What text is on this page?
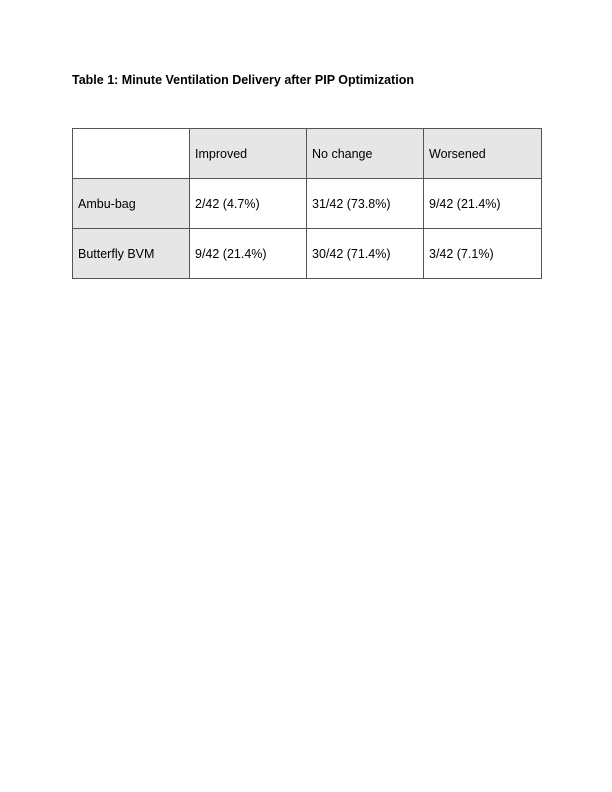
Table 1: Minute Ventilation Delivery after PIP Optimization
	Improved	No change	Worsened
Ambu-bag	2/42 (4.7%)	31/42 (73.8%)	9/42 (21.4%)
Butterfly BVM	9/42 (21.4%)	30/42 (71.4%)	3/42 (7.1%)
